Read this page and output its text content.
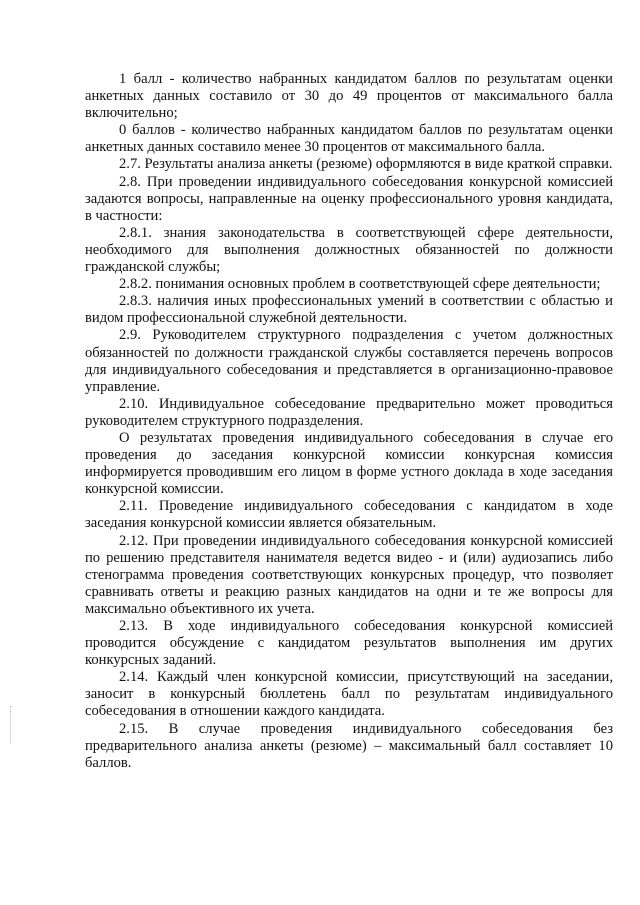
1 балл - количество набранных кандидатом баллов по результатам оценки анкетных данных составило от 30 до 49 процентов от максимального балла включительно;

0 баллов - количество набранных кандидатом баллов по результатам оценки анкетных данных составило менее 30 процентов от максимального балла.

2.7. Результаты анализа анкеты (резюме) оформляются в виде краткой справки.

2.8. При проведении индивидуального собеседования конкурсной комиссией задаются вопросы, направленные на оценку профессионального уровня кандидата, в частности:

2.8.1. знания законодательства в соответствующей сфере деятельности, необходимого для выполнения должностных обязанностей по должности гражданской службы;

2.8.2. понимания основных проблем в соответствующей сфере деятельности;

2.8.3. наличия иных профессиональных умений в соответствии с областью и видом профессиональной служебной деятельности.

2.9. Руководителем структурного подразделения с учетом должностных обязанностей по должности гражданской службы составляется перечень вопросов для индивидуального собеседования и представляется в организационно-правовое управление.

2.10. Индивидуальное собеседование предварительно может проводиться руководителем структурного подразделения.

О результатах проведения индивидуального собеседования в случае его проведения до заседания конкурсной комиссии конкурсная комиссия информируется проводившим его лицом в форме устного доклада в ходе заседания конкурсной комиссии.

2.11. Проведение индивидуального собеседования с кандидатом в ходе заседания конкурсной комиссии является обязательным.

2.12. При проведении индивидуального собеседования конкурсной комиссией по решению представителя нанимателя ведется видео - и (или) аудиозапись либо стенограмма проведения соответствующих конкурсных процедур, что позволяет сравнивать ответы и реакцию разных кандидатов на одни и те же вопросы для максимально объективного их учета.

2.13. В ходе индивидуального собеседования конкурсной комиссией проводится обсуждение с кандидатом результатов выполнения им других конкурсных заданий.

2.14. Каждый член конкурсной комиссии, присутствующий на заседании, заносит в конкурсный бюллетень балл по результатам индивидуального собеседования в отношении каждого кандидата.

2.15. В случае проведения индивидуального собеседования без предварительного анализа анкеты (резюме) – максимальный балл составляет 10 баллов.
